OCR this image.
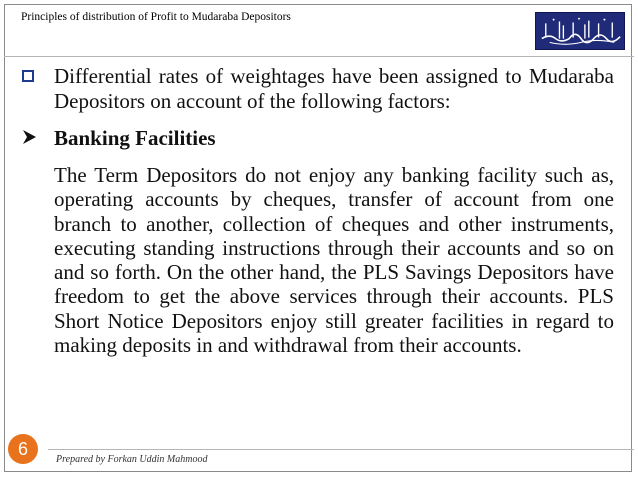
Principles of distribution of Profit to Mudaraba Depositors
Differential rates of weightages have been assigned to Mudaraba Depositors on account of the following factors:
Banking Facilities
The Term Depositors do not enjoy any banking facility such as, operating accounts by cheques, transfer of account from one branch to another, collection of cheques and other instruments, executing standing instructions through their accounts and so on and so forth. On the other hand, the PLS Savings Depositors have freedom to get the above services through their accounts. PLS Short Notice Depositors enjoy still greater facilities in regard to making deposits in and withdrawal from their accounts.
6
Prepared by Forkan Uddin Mahmood
